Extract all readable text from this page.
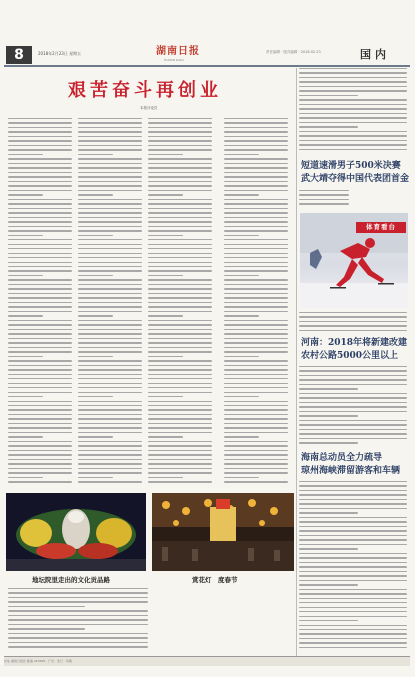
8	2018年2月23日 星期五	湖南日报
HUNAN DAILY
责任编辑 · 版式编辑 · 2018.02.23	国内
艰苦奋斗再创业
本报评论员
短道速滑男子500米决赛
武大靖夺得中国代表团首金
体育看台
河南：2018年将新建改建
农村公路5000公里以上
海南总动员全力疏导
琼州海峡滞留游客和车辆
地坛院里走出的文化贡品路	赏花灯　度春节
社址·湖南日报社 邮编 410005 · 广告 · 发行 · 印刷
